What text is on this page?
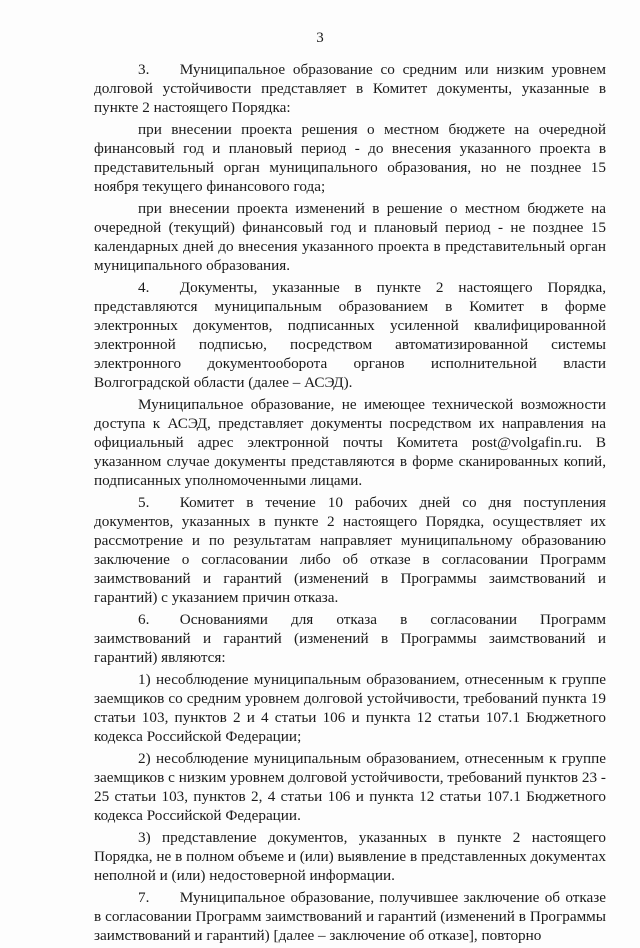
3

3.  Муниципальное образование со средним или низким уровнем долговой устойчивости представляет в Комитет документы, указанные в пункте 2 настоящего Порядка:

при внесении проекта решения о местном бюджете на очередной финансовый год и плановый период - до внесения указанного проекта в представительный орган муниципального образования, но не позднее 15 ноября текущего финансового года;

при внесении проекта изменений в решение о местном бюджете на очередной (текущий) финансовый год и плановый период - не позднее 15 календарных дней до внесения указанного проекта в представительный орган муниципального образования.

4.  Документы, указанные в пункте 2 настоящего Порядка, представляются муниципальным образованием в Комитет в форме электронных документов, подписанных усиленной квалифицированной электронной подписью, посредством автоматизированной системы электронного документооборота органов исполнительной власти Волгоградской области (далее – АСЭД).

Муниципальное образование, не имеющее технической возможности доступа к АСЭД, представляет документы посредством их направления на официальный адрес электронной почты Комитета post@volgafin.ru. В указанном случае документы представляются в форме сканированных копий, подписанных уполномоченными лицами.

5.  Комитет в течение 10 рабочих дней со дня поступления документов, указанных в пункте 2 настоящего Порядка, осуществляет их рассмотрение и по результатам направляет муниципальному образованию заключение о согласовании либо об отказе в согласовании Программ заимствований и гарантий (изменений в Программы заимствований и гарантий) с указанием причин отказа.

6.  Основаниями для отказа в согласовании Программ заимствований и гарантий (изменений в Программы заимствований и гарантий) являются:

1) несоблюдение муниципальным образованием, отнесенным к группе заемщиков со средним уровнем долговой устойчивости, требований пункта 19 статьи 103, пунктов 2 и 4 статьи 106 и пункта 12 статьи 107.1 Бюджетного кодекса Российской Федерации;

2) несоблюдение муниципальным образованием, отнесенным к группе заемщиков с низким уровнем долговой устойчивости, требований пунктов 23 - 25 статьи 103, пунктов 2, 4 статьи 106 и пункта 12 статьи 107.1 Бюджетного кодекса Российской Федерации.

3) представление документов, указанных в пункте 2 настоящего Порядка, не в полном объеме и (или) выявление в представленных документах неполной и (или) недостоверной информации.

7.  Муниципальное образование, получившее заключение об отказе в согласовании Программ заимствований и гарантий (изменений в Программы заимствований и гарантий) [далее – заключение об отказе], повторно
